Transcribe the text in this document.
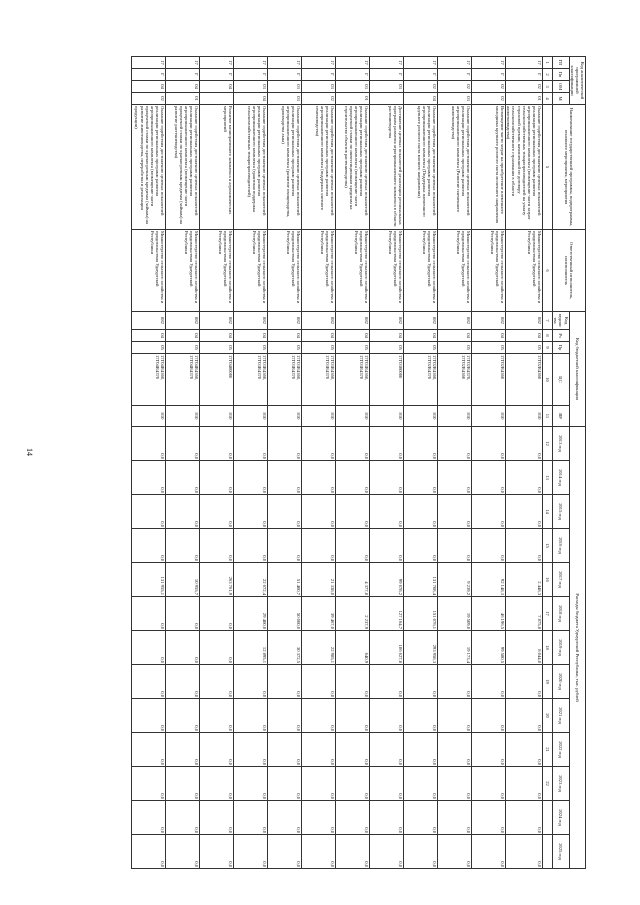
14
Код аналитической программной классификации				Наименование государственной программы, подпрограммы, основного мероприятия, мероприятия	Ответственный исполнитель, соисполнитель	Код бюджетной классификации					Расходы бюджета Удмуртской Республики, тыс. рублей												
ГП	Пп	ОМ	М			Код ведомства	Рз	Пр	ЦС	ВР	2013 год	2014 год	2015 год	2016 год	2017 год	2018 год	2019 год	2020 год	2021 год	2022 год	2023 год	2024 год	2025 год
1	2	3	4	5	6	7	8	9	10	11	12	13	14	15	16	17	18	19	20	21	22		
17	Г	02	01	Оказание содействия достижению целевых показателей реализации региональных программ развития агропромышленного комплекса (возмещение части затрат сельскохозяйственных товаропроизводителей на уплату страховой премии, начисленной по договору сельскохозяйственного страхования в области животноводства)	Министерство сельского хозяйства и продовольствия Удмуртской Республики	882	04	05	17Г02R4360	810	0,0	0,0	0,0	0,0	2 448,3	7 875,8	8 044,0	0,0	0,0	0,0	0,0	0,0	0,0
17	Г	02	02	Возмещение части затрат на приобретение племенного молодняка крупного рогатого скота молочного направления	Министерство сельского хозяйства и продовольствия Удмуртской Республики	882	04	05	17Г02R4360	810	0,0	0,0	0,0	0,0	92 148,3	46 196,5	99 580,5	0,0	0,0	0,0	0,0	0,0	0,0
17	Г	02	03	Оказание содействия достижению целевых показателей реализации региональных программ развития агропромышленного комплекса (Развитие племенного животноводства)	Министерство сельского хозяйства и продовольствия Удмуртской Республики	882	04	05	17Г02R4370, 17Г02R4360	810	0,0	0,0	0,0	0,0	9 239,2	19 509,0	19 173,4	0,0	0,0	0,0	0,0	0,0	0,0
17	Г	02	04	Оказание содействия достижению целевых показателей реализации региональных программ развития агропромышленного комплекса (Поддержка племенного крупного рогатого скота мясного направления)	Министерство сельского хозяйства и продовольствия Удмуртской Республики	882	04	05	17Г02R4360, 17Г02R4370	810	0,0	0,0	0,0	0,0	131 708,4	151 076,1	293 958,3	0,0	0,0	0,0	0,0	0,0	0,0
17	Г	03		Достижение целевых показателей реализации региональных программ развития агропромышленного комплекса в области растениеводства	Министерство сельского хозяйства и продовольствия Удмуртской Республики	882	04	05	17Г0300000	810	0,0	0,0	0,0	0,0	99 678,2	127 164,7	106 627,8	0,0	0,0	0,0	0,0	0,0	0,0
17	Г	03	01	Оказание содействия достижению целевых показателей реализации региональных программ развития агропромышленного комплекса (возмещение части процентной ставки по инвестиционным кредитам на строительство объектов растениеводства)	Министерство сельского хозяйства и продовольствия Удмуртской Республики	882	04	05	17Г03R4360, 17Г03R4370	810	0,0	0,0	0,0	0,0	4 377,8	2 237,9	640,9	0,0	0,0	0,0	0,0	0,0	0,0
17	Г	03	02	Оказание содействия достижению целевых показателей реализации региональных программ развития агропромышленного комплекса (поддержка элитного семеноводства)	Министерство сельского хозяйства и продовольствия Удмуртской Республики	882	04	05	17Г03R4360, 17Г03R4370	810	0,0	0,0	0,0	0,0	21 338,0	39 467,0	22 985,1	0,0	0,0	0,0	0,0	0,0	0,0
17	Г	03	03	Оказание содействия достижению целевых показателей реализации региональных программ развития агропромышленного комплекса (развитие овощеводства, производства льна)	Министерство сельского хозяйства и продовольствия Удмуртской Республики	882	04	05	17Г03R4360, 17Г03R4370	810	0,0	0,0	0,0	0,0	51 400,7	50 000,0	30 372,5	0,0	0,0	0,0	0,0	0,0	0,0
17	Г	03	04	Оказание содействия достижению целевых показателей реализации региональных программ развития агропромышленного комплекса (грантовая поддержка сельскохозяйственных товаропроизводителей)	Министерство сельского хозяйства и продовольствия Удмуртской Республики	882	04	05	17Г03R4360, 17Г03R4370	810	0,0	0,0	0,0	0,0	22 672,4	29 400,0	12 895,1	0,0	0,0	0,0	0,0	0,0	0,0
17	Г	04		Развитие мелиоративного комплекса и агрохимических мероприятий	Министерство сельского хозяйства и продовольствия Удмуртской Республики	882	04	05	17Г0400000	810	0,0	0,0	0,0	0,0	263 761,9	0,0	0,0	0,0	0,0	0,0	0,0	0,0	0,0
17	Г	04	01	Оказание содействия достижению целевых показателей реализации региональных программ развития агропромышленного комплекса (возмещение части процентной ставки по краткосрочным кредитам (займам) на развитие растениеводства)	Министерство сельского хозяйства и продовольствия Удмуртской Республики	882	04	05	17Г04R4360, 17Г04R4370	810	0,0	0,0	0,0	0,0	10 955,7	0,0	0,0	0,0	0,0	0,0	0,0	0,0	0,0
17	Г	04	02	Оказание содействия достижению целевых показателей реализации региональных программ развития агропромышленного комплекса (возмещение части процентной ставки по краткосрочным кредитам (займам) на развитие животноводства, переработки и реализации продукции)	Министерство сельского хозяйства и продовольствия Удмуртской Республики	882	04	05	17Г04R4360, 17Г04R4370	810	0,0	0,0	0,0	0,0	131 955,1	0,0	0,0	0,0	0,0	0,0	0,0	0,0	0,0
